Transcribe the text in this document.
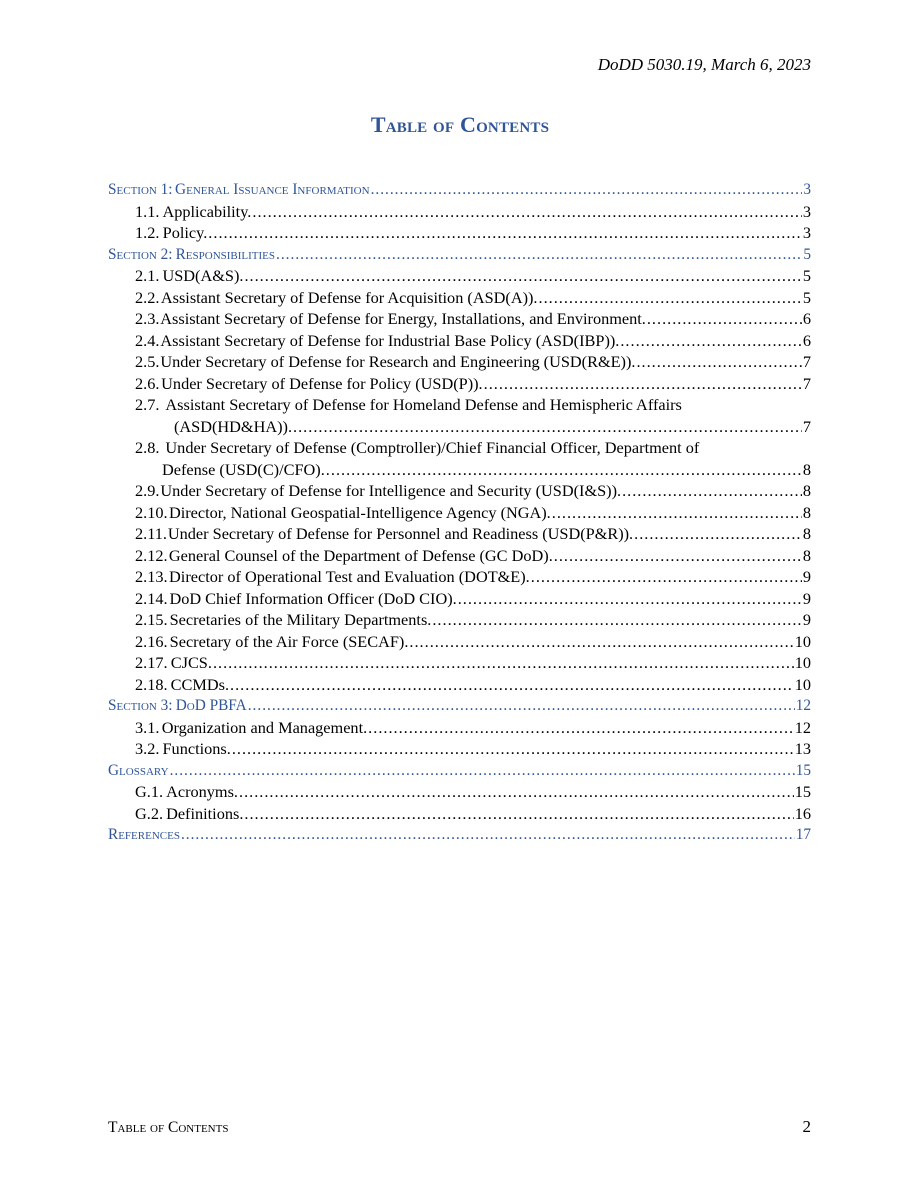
DoDD 5030.19, March 6, 2023
Table of Contents
Section 1: General Issuance Information .....	3
1.1. Applicability. .....	3
1.2. Policy. .....	3
Section 2: Responsibilities .....	5
2.1. USD(A&S). .....	5
2.2. Assistant Secretary of Defense for Acquisition (ASD(A)). .....	5
2.3. Assistant Secretary of Defense for Energy, Installations, and Environment. .....	6
2.4. Assistant Secretary of Defense for Industrial Base Policy (ASD(IBP)). .....	6
2.5. Under Secretary of Defense for Research and Engineering (USD(R&E)). .....	7
2.6. Under Secretary of Defense for Policy (USD(P)). .....	7
2.7. Assistant Secretary of Defense for Homeland Defense and Hemispheric Affairs
(ASD(HD&HA)). .....	7
2.8. Under Secretary of Defense (Comptroller)/Chief Financial Officer, Department of
Defense (USD(C)/CFO). .....	8
2.9. Under Secretary of Defense for Intelligence and Security (USD(I&S)). .....	8
2.10. Director, National Geospatial-Intelligence Agency (NGA). .....	8
2.11. Under Secretary of Defense for Personnel and Readiness (USD(P&R)). .....	8
2.12. General Counsel of the Department of Defense (GC DoD). .....	8
2.13. Director of Operational Test and Evaluation (DOT&E). .....	9
2.14. DoD Chief Information Officer (DoD CIO). .....	9
2.15. Secretaries of the Military Departments. .....	9
2.16. Secretary of the Air Force (SECAF). .....	10
2.17. CJCS. .....	10
2.18. CCMDs. .....	10
Section 3: DoD PBFA .....	12
3.1. Organization and Management. .....	12
3.2. Functions. .....	13
Glossary .....	15
G.1. Acronyms. .....	15
G.2. Definitions. .....	16
References .....	17
Table of Contents	2
